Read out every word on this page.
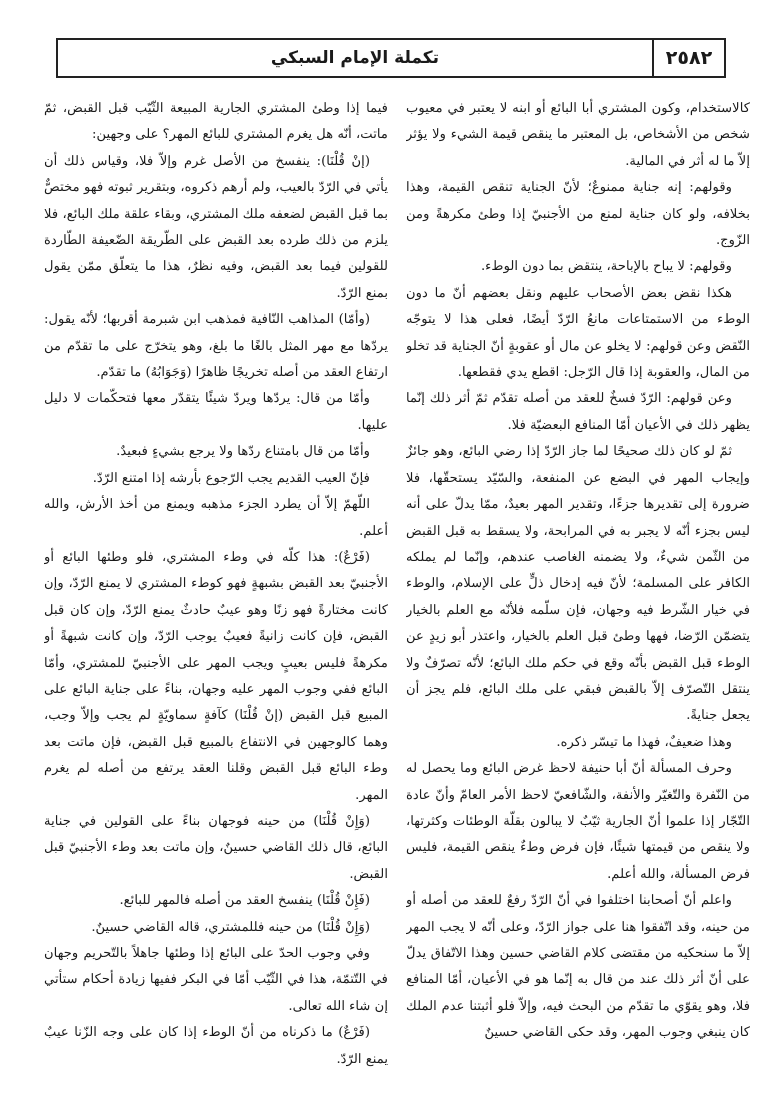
٢٥٨٢
تكملة الإمام السبكي

كالاستخدام، وكون المشتري أبا البائع أو ابنه لا يعتبر في معيوب شخص من الأشخاص، بل المعتبر ما ينقص قيمة الشيء ولا يؤثر إلاّ ما له أثر في المالية.

وقولهم: إنه جناية ممنوعٌ؛ لأنّ الجناية تنقص القيمة، وهذا بخلافه، ولو كان جناية لمنع من الأجنبيّ إذا وطئ مكرهةً ومن الزّوج.

وقولهم: لا يباح بالإباحة، ينتقض بما دون الوطء.

هكذا نقض بعض الأصحاب عليهم ونقل بعضهم أنّ ما دون الوطء من الاستمتاعات مانعُ الرّدّ أيضًا، فعلى هذا لا يتوجّه النّقض وعن قولهم: لا يخلو عن مال أو عقوبةٍ أنّ الجناية قد تخلو من المال، والعقوبة إذا قال الرّجل: اقطع يدي فقطعها.

وعن قولهم: الرّدّ فسخٌ للعقد من أصله تقدّم ثمّ أثر ذلك إنّما يظهر ذلك في الأعيان أمّا المنافع البعضيّة فلا.

ثمّ لو كان ذلك صحيحًا لما جاز الرّدّ إذا رضي البائع، وهو جائزٌ وإيجاب المهر في البضع عن المنفعة، والسّيّد يستحقّها، فلا ضرورة إلى تقديرها جزءًا، وتقدير المهر بعيدٌ، ممّا يدلّ على أنه ليس بجزء أنّه لا يجبر به في المرابحة، ولا يسقط به قبل القبض من الثّمن شيءٌ، ولا يضمنه الغاصب عندهم، وإنّما لم يملكه الكافر على المسلمة؛ لأنّ فيه إدخال ذلٍّ على الإسلام، والوطء في خيار الشّرط فيه وجهان، فإن سلّمه فلأنّه مع العلم بالخيار يتضمّن الرّضا، فهها وطئ قبل العلم بالخيار، واعتذر أبو زيدٍ عن الوطء قبل القبض بأنّه وقع في حكم ملك البائع؛ لأنّه تصرّفٌ ولا ينتقل التّصرّف إلاّ بالقبض فبقي على ملك البائع، فلم يجز أن يجعل جنايةً.

وهذا ضعيفٌ، فهذا ما تيسّر ذكره.

وحرف المسألة أنّ أبا حنيفة لاحظ غرض البائع وما يحصل له من النّفرة والتّغيّر والأنفة، والشّافعيّ لاحظ الأمر العامّ وأنّ عادة التّجّار إذا علموا أنّ الجارية ثيّبٌ لا يبالون بقلّة الوطئات وكثرتها، ولا ينقص من قيمتها شيئًا، فإن فرض وطءٌ ينقص القيمة، فليس فرض المسألة، والله أعلم.

واعلم أنّ أصحابنا اختلفوا في أنّ الرّدّ رفعٌ للعقد من أصله أو من حينه، وقد اتّفقوا هنا على جواز الرّدّ، وعلى أنّه لا يجب المهر إلاّ ما سنحكيه من مقتضى كلام القاضي حسين وهذا الاتّفاق يدلّ على أنّ أثر ذلك عند من قال به إنّما هو في الأعيان، أمّا المنافع فلا، وهو يقوّي ما تقدّم من البحث فيه، وإلاّ فلو أثبتنا عدم الملك كان ينبغي وجوب المهر، وقد حكى القاضي حسينٌ

فيما إذا وطئ المشتري الجارية المبيعة الثّيّب قبل القبض، ثمّ ماتت، أنّه هل يغرم المشتري للبائع المهر؟ على وجهين:

(إنْ قُلْنَا): ينفسخ من الأصل غرم وإلاّ فلا، وقياس ذلك أن يأتي في الرّدّ بالعيب، ولم أرهم ذكروه، وبتقرير ثبوته فهو مختصٌّ بما قبل القبض لضعفه ملك المشتري، وبقاء علقة ملك البائع، فلا يلزم من ذلك طرده بعد القبض على الطّريقة الضّعيفة الطّاردة للقولين فيما بعد القبض، وفيه نظرٌ، هذا ما يتعلّق ممّن يقول بمنع الرّدّ.

(وأمّا) المذاهب النّافية فمذهب ابن شبرمة أقربها؛ لأنّه يقول: يردّها مع مهر المثل بالغًا ما بلغ، وهو يتخرّج على ما تقدّم من ارتفاع العقد من أصله تخريجًا ظاهرًا (وَجَوَابُهُ) ما تقدّم.

وأمّا من قال: يردّها ويردّ شيئًا يتقدّر معها فتحكّمات لا دليل عليها.

وأمّا من قال بامتناع ردّها ولا يرجع بشيءٍ فبعيدٌ.

فإنّ العيب القديم يجب الرّجوع بأرشه إذا امتنع الرّدّ.

اللّهمّ إلاّ أن يطرد الجزء مذهبه ويمنع من أخذ الأرش، والله أعلم.

(فَرْعٌ): هذا كلّه في وطء المشتري، فلو وطئها البائع أو الأجنبيّ بعد القبض بشبهةٍ فهو كوطء المشتري لا يمنع الرّدّ، وإن كانت مختارةً فهو زنًا وهو عيبٌ حادثٌ يمنع الرّدّ، وإن كان قبل القبض، فإن كانت زانيةً فعيبٌ يوجب الرّدّ، وإن كانت شبهةً أو مكرهةً فليس بعيبٍ ويجب المهر على الأجنبيّ للمشتري، وأمّا البائع ففي وجوب المهر عليه وجهان، بناءً على جناية البائع على المبيع قبل القبض (إنْ قُلْنَا) كآفةٍ سماويّةٍ لم يجب وإلاّ وجب، وهما كالوجهين في الانتفاع بالمبيع قبل القبض، فإن ماتت بعد وطء البائع قبل القبض وقلنا العقد يرتفع من أصله لم يغرم المهر.

(وَإِنْ قُلْنَا) من حينه فوجهان بناءً على القولين في جناية البائع، قال ذلك القاضي حسينٌ، وإن ماتت بعد وطء الأجنبيّ قبل القبض.

(فَإِنْ قُلْنَا) ينفسخ العقد من أصله فالمهر للبائع.

(وَإِنْ قُلْنَا) من حينه فللمشتري، قاله القاضي حسينٌ.

وفي وجوب الحدّ على البائع إذا وطئها جاهلاً بالتّحريم وجهان في التّتمّة، هذا في الثّيّب أمّا في البكر ففيها زيادة أحكام ستأتي إن شاء الله تعالى.

(فَرْعٌ) ما ذكرناه من أنّ الوطء إذا كان على وجه الزّنا عيبٌ يمنع الرّدّ.
